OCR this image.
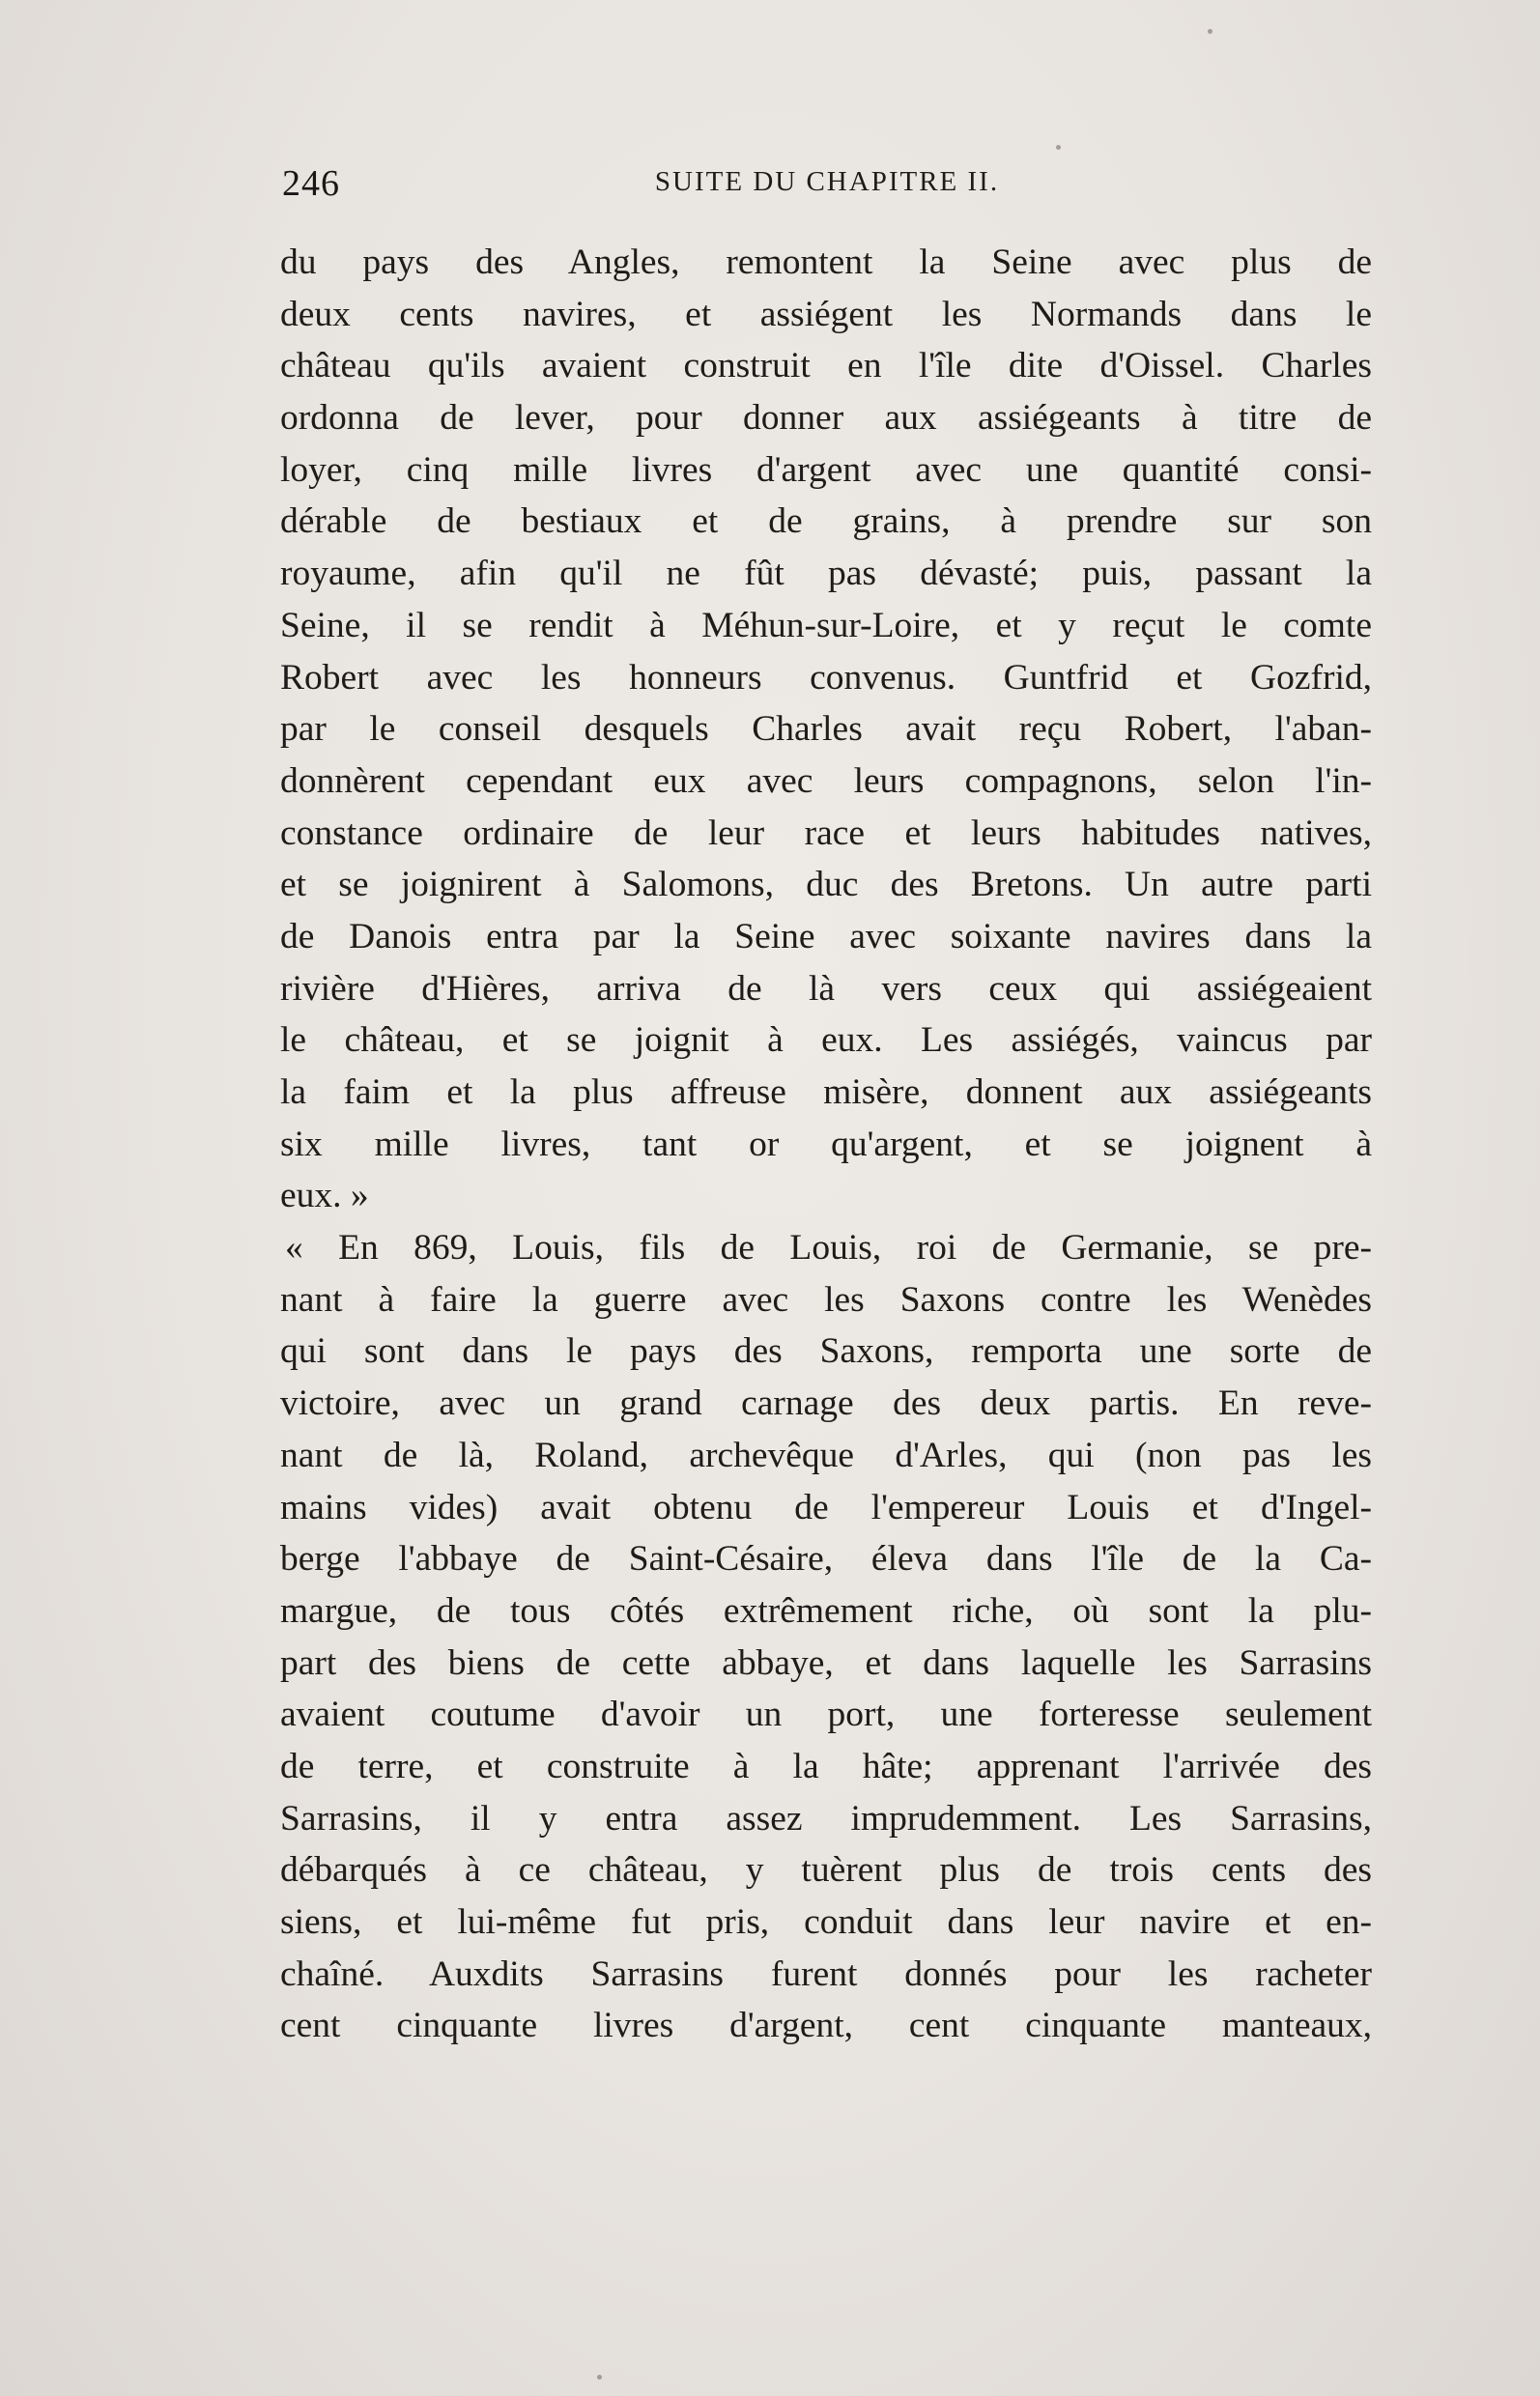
246	SUITE DU CHAPITRE II.
du pays des Angles, remontent la Seine avec plus de
deux cents navires, et assiégent les Normands dans le
château qu'ils avaient construit en l'île dite d'Oissel. Charles
ordonna de lever, pour donner aux assiégeants à titre de
loyer, cinq mille livres d'argent avec une quantité consi-
dérable de bestiaux et de grains, à prendre sur son
royaume, afin qu'il ne fût pas dévasté; puis, passant la
Seine, il se rendit à Méhun-sur-Loire, et y reçut le comte
Robert avec les honneurs convenus. Guntfrid et Gozfrid,
par le conseil desquels Charles avait reçu Robert, l'aban-
donnèrent cependant eux avec leurs compagnons, selon l'in-
constance ordinaire de leur race et leurs habitudes natives,
et se joignirent à Salomons, duc des Bretons. Un autre parti
de Danois entra par la Seine avec soixante navires dans la
rivière d'Hières, arriva de là vers ceux qui assiégeaient
le château, et se joignit à eux. Les assiégés, vaincus par
la faim et la plus affreuse misère, donnent aux assiégeants
six mille livres, tant or qu'argent, et se joignent à
eux. »
« En 869, Louis, fils de Louis, roi de Germanie, se pre-
nant à faire la guerre avec les Saxons contre les Wenèdes
qui sont dans le pays des Saxons, remporta une sorte de
victoire, avec un grand carnage des deux partis. En reve-
nant de là, Roland, archevêque d'Arles, qui (non pas les
mains vides) avait obtenu de l'empereur Louis et d'Ingel-
berge l'abbaye de Saint-Césaire, éleva dans l'île de la Ca-
margue, de tous côtés extrêmement riche, où sont la plu-
part des biens de cette abbaye, et dans laquelle les Sarrasins
avaient coutume d'avoir un port, une forteresse seulement
de terre, et construite à la hâte; apprenant l'arrivée des
Sarrasins, il y entra assez imprudemment. Les Sarrasins,
débarqués à ce château, y tuèrent plus de trois cents des
siens, et lui-même fut pris, conduit dans leur navire et en-
chaîné. Auxdits Sarrasins furent donnés pour les racheter
cent cinquante livres d'argent, cent cinquante manteaux,
